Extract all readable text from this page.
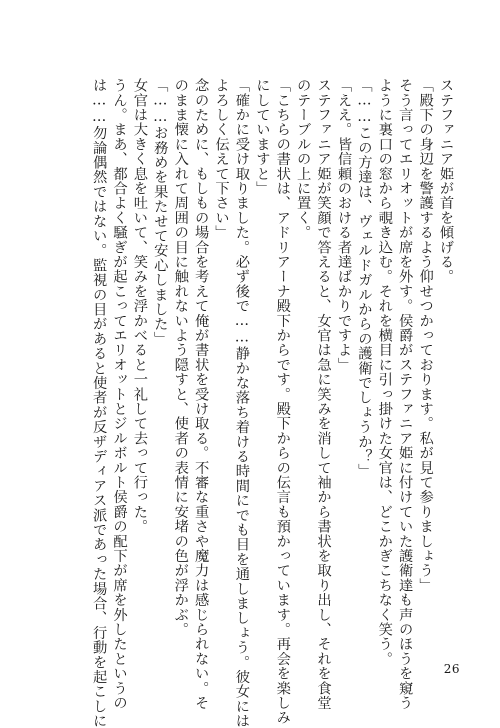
ステファニア姫が首を傾げる。
「殿下の身辺を警護するよう仰せつかっております。私が見て参りましょう」
そう言ってエリオットが席を外す。侯爵がステファニア姫に付けていた護衛達も声のほうを窺う
ように裏口の窓から覗き込む。それを横目に引っ掛けた女官は、どこかぎこちなく笑う。
「……この方達は、ヴェルドガルからの護衛でしょうか？」
「ええ。皆信頼のおける者達ばかりですよ」
ステファニア姫が笑顔で答えると、女官は急に笑みを消して袖から書状を取り出し、それを食堂
のテーブルの上に置く。
「こちらの書状は、アドリアーナ殿下からです。殿下からの伝言も預かっています。再会を楽しみ
にしていますと」
「確かに受け取りました。必ず後で……静かな落ち着ける時間にでも目を通しましょう。彼女には
よろしく伝えて下さい」
念のために、もしもの場合を考えて俺が書状を受け取る。不審な重さや魔力は感じられない。そ
のまま懐に入れて周囲の目に触れないよう隠すと、使者の表情に安堵の色が浮かぶ。
「……お務めを果たせて安心しました」
女官は大きく息を吐いて、笑みを浮かべると一礼して去って行った。
うん。まあ、都合よく騒ぎが起こってエリオットとジルボルト侯爵の配下が席を外したというの
は……勿論偶然ではない。監視の目があると使者が反ザディアス派であった場合、行動を起こしに	26
